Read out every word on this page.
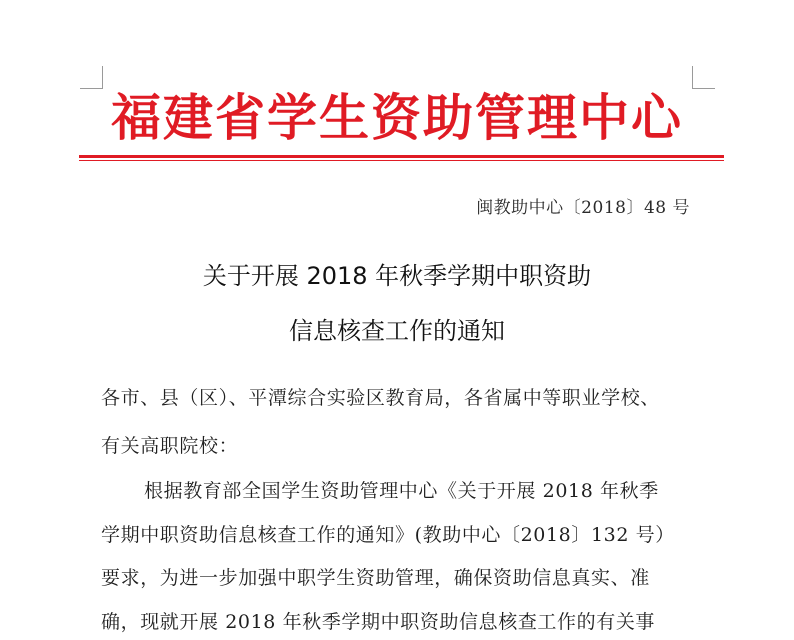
福建省学生资助管理中心
闽教助中心〔2018〕48 号
关于开展 2018 年秋季学期中职资助
信息核查工作的通知
各市、县（区）、平潭综合实验区教育局，各省属中等职业学校、
有关高职院校：
根据教育部全国学生资助管理中心《关于开展 2018 年秋季
学期中职资助信息核查工作的通知》(教助中心〔2018〕132 号）
要求，为进一步加强中职学生资助管理，确保资助信息真实、准
确，现就开展 2018 年秋季学期中职资助信息核查工作的有关事
